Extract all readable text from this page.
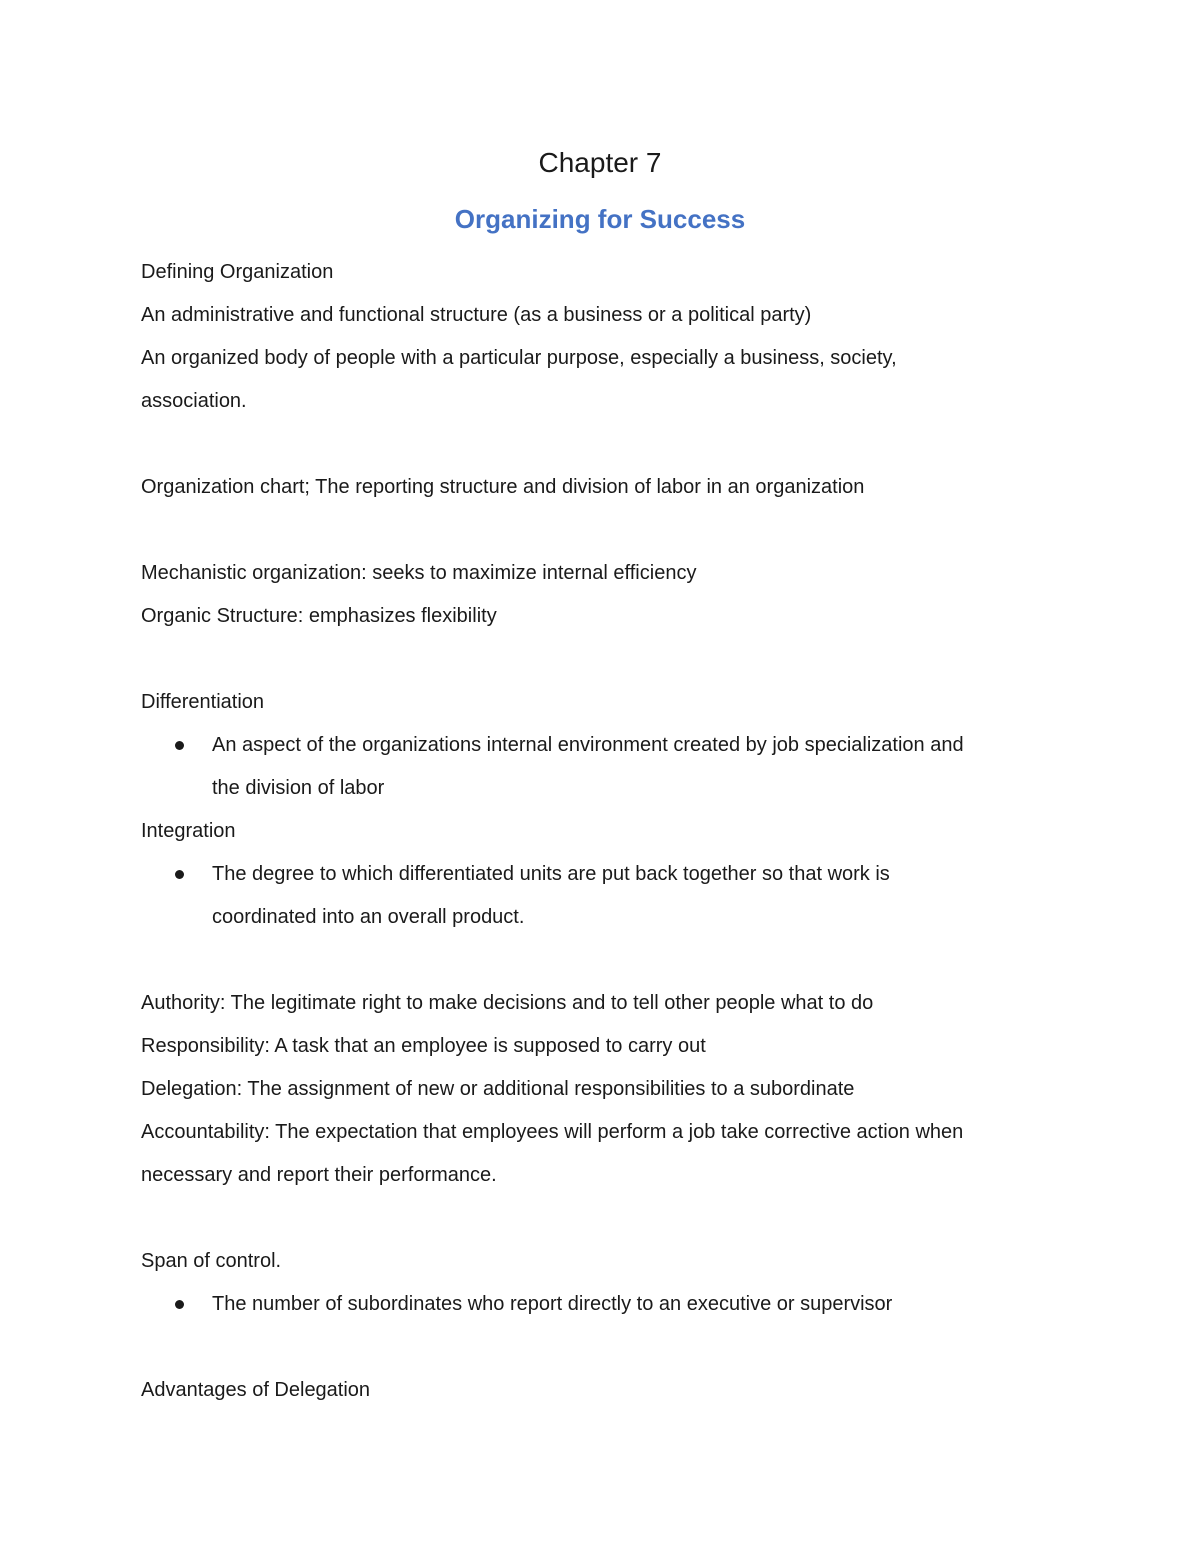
Chapter 7
Organizing for Success
Defining Organization
An administrative and functional structure (as a business or a political party)
An organized body of people with a particular purpose, especially a business, society,
association.
Organization chart; The reporting structure and division of labor in an organization
Mechanistic organization: seeks to maximize internal efficiency
Organic Structure: emphasizes flexibility
Differentiation
An aspect of the organizations internal environment created by job specialization and
the division of labor
Integration
The degree to which differentiated units are put back together so that work is
coordinated into an overall product.
Authority: The legitimate right to make decisions and to tell other people what to do
Responsibility: A task that an employee is supposed to carry out
Delegation: The assignment of new or additional responsibilities to a subordinate
Accountability: The expectation that employees will perform a job take corrective action when
necessary and report their performance.
Span of control.
The number of subordinates who report directly to an executive or supervisor
Advantages of Delegation
